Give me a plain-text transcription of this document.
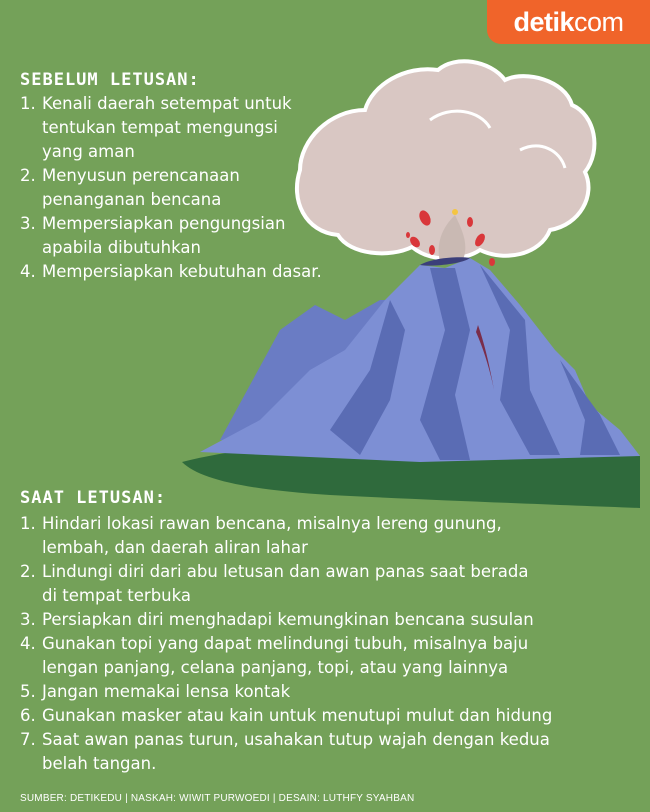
detik com
SEBELUM LETUSAN:
1. Kenali daerah setempat untuk
tentukan tempat mengungsi
yang aman
2. Menyusun perencanaan
penanganan bencana
3. Mempersiapkan pengungsian
apabila dibutuhkan
4. Mempersiapkan kebutuhan dasar.
SAAT LETUSAN:
1. Hindari lokasi rawan bencana, misalnya lereng gunung,
lembah, dan daerah aliran lahar
2. Lindungi diri dari abu letusan dan awan panas saat berada
di tempat terbuka
3. Persiapkan diri menghadapi kemungkinan bencana susulan
4. Gunakan topi yang dapat melindungi tubuh, misalnya baju
lengan panjang, celana panjang, topi, atau yang lainnya
5. Jangan memakai lensa kontak
6. Gunakan masker atau kain untuk menutupi mulut dan hidung
7. Saat awan panas turun, usahakan tutup wajah dengan kedua
belah tangan.
SUMBER: DETIKEDU | NASKAH: WIWIT PURWOEDI | DESAIN: LUTHFY SYAHBAN
